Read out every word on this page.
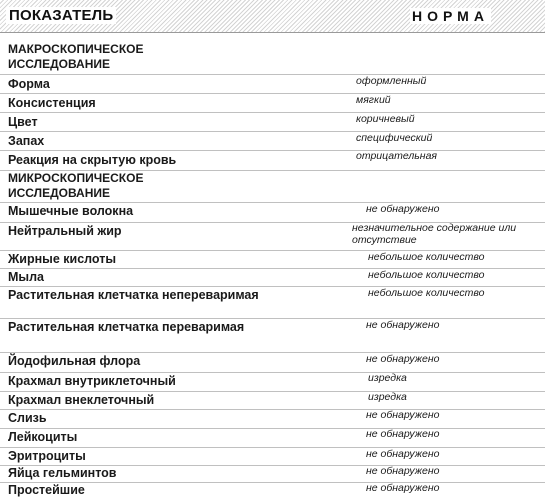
ПОКАЗАТЕЛЬ	НОРМА
МАКРОСКОПИЧЕСКОЕ ИССЛЕДОВАНИЕ
Форма	оформленный
Консистенция	мягкий
Цвет	коричневый
Запах	специфический
Реакция на скрытую кровь	отрицательная
МИКРОСКОПИЧЕСКОЕ ИССЛЕДОВАНИЕ
Мышечные волокна	не обнаружено
Нейтральный жир	незначительное содержание или отсутствие
Жирные кислоты	небольшое количество
Мыла	небольшое количество
Растительная клетчатка непереваримая	небольшое количество
Растительная клетчатка переваримая	не обнаружено
Йодофильная флора	не обнаружено
Крахмал внутриклеточный	изредка
Крахмал внеклеточный	изредка
Слизь	не обнаружено
Лейкоциты	не обнаружено
Эритроциты	не обнаружено
Яйца гельминтов	не обнаружено
Простейшие	не обнаружено
